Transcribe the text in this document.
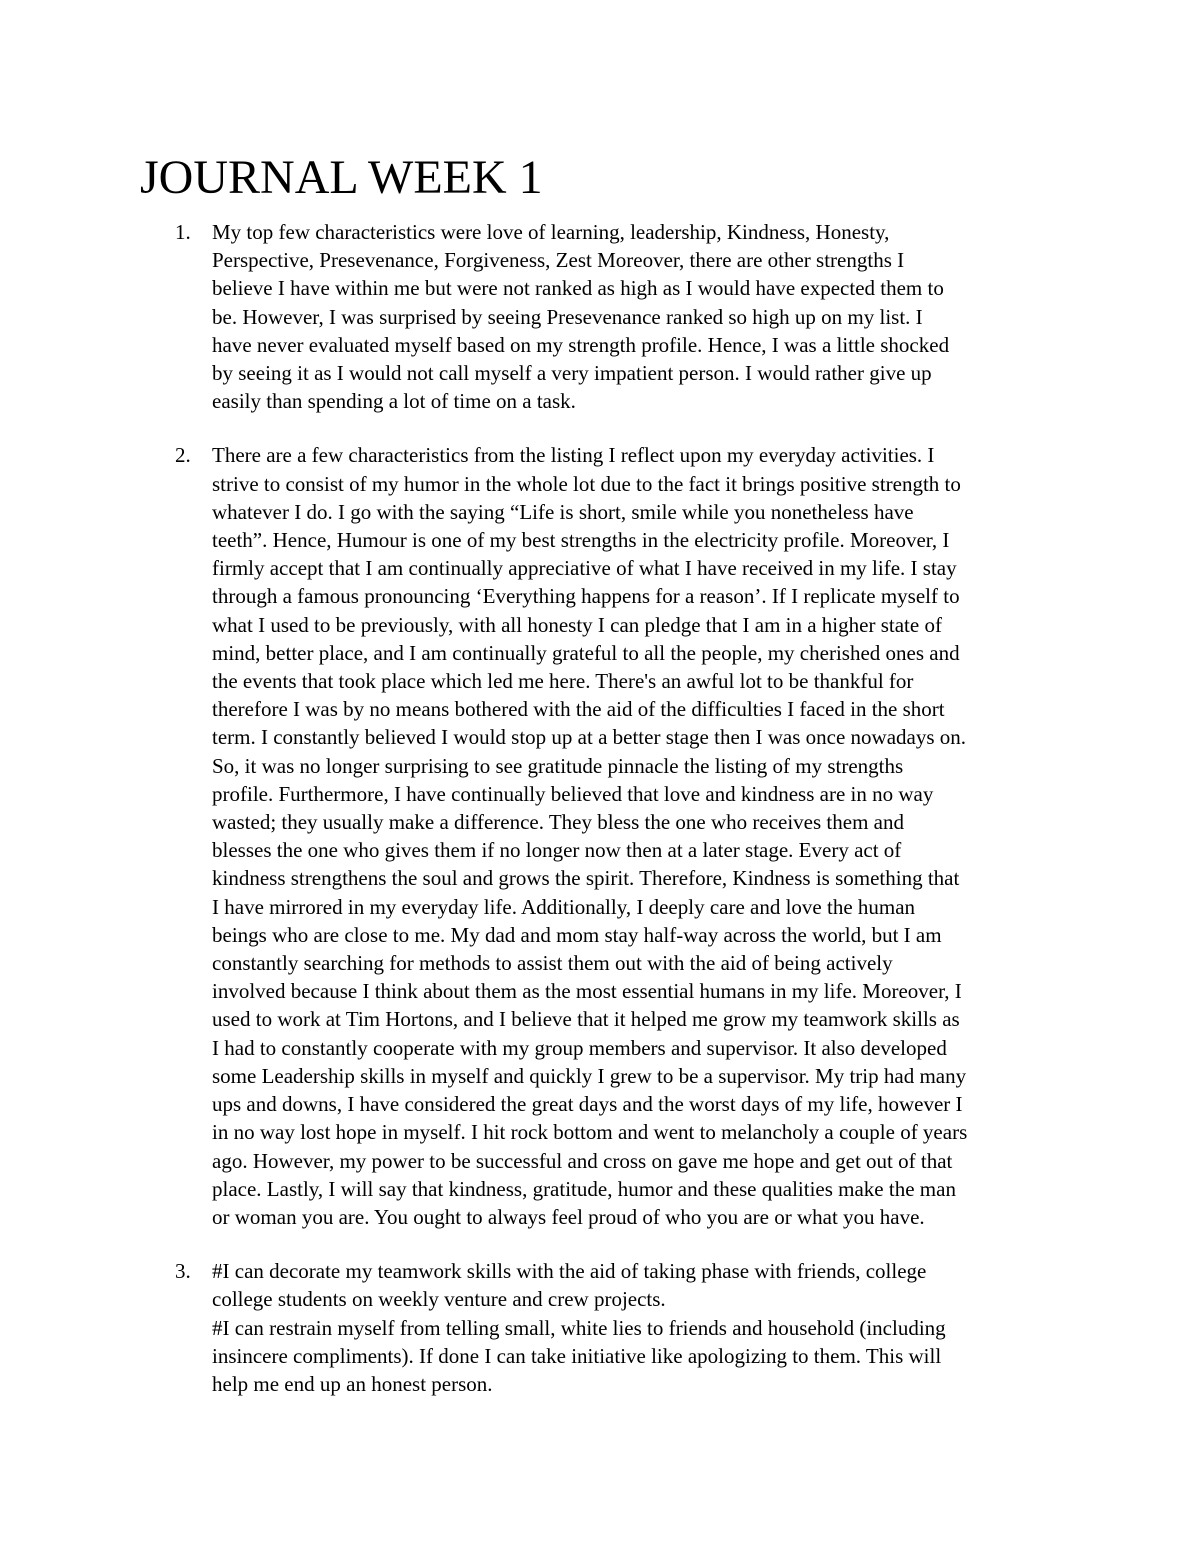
JOURNAL WEEK 1
1. My top few characteristics were love of learning, leadership, Kindness, Honesty,
Perspective, Presevenance, Forgiveness, Zest Moreover, there are other strengths I
believe I have within me but were not ranked as high as I would have expected them to
be. However, I was surprised by seeing Presevenance ranked so high up on my list. I
have never evaluated myself based on my strength profile. Hence, I was a little shocked
by seeing it as I would not call myself a very impatient person. I would rather give up
easily than spending a lot of time on a task.

2. There are a few characteristics from the listing I reflect upon my everyday activities. I
strive to consist of my humor in the whole lot due to the fact it brings positive strength to
whatever I do. I go with the saying “Life is short, smile while you nonetheless have
teeth”. Hence, Humour is one of my best strengths in the electricity profile. Moreover, I
firmly accept that I am continually appreciative of what I have received in my life. I stay
through a famous pronouncing ‘Everything happens for a reason’. If I replicate myself to
what I used to be previously, with all honesty I can pledge that I am in a higher state of
mind, better place, and I am continually grateful to all the people, my cherished ones and
the events that took place which led me here. There's an awful lot to be thankful for
therefore I was by no means bothered with the aid of the difficulties I faced in the short
term. I constantly believed I would stop up at a better stage then I was once nowadays on.
So, it was no longer surprising to see gratitude pinnacle the listing of my strengths
profile. Furthermore, I have continually believed that love and kindness are in no way
wasted; they usually make a difference. They bless the one who receives them and
blesses the one who gives them if no longer now then at a later stage. Every act of
kindness strengthens the soul and grows the spirit. Therefore, Kindness is something that
I have mirrored in my everyday life. Additionally, I deeply care and love the human
beings who are close to me. My dad and mom stay half-way across the world, but I am
constantly searching for methods to assist them out with the aid of being actively
involved because I think about them as the most essential humans in my life. Moreover, I
used to work at Tim Hortons, and I believe that it helped me grow my teamwork skills as
I had to constantly cooperate with my group members and supervisor. It also developed
some Leadership skills in myself and quickly I grew to be a supervisor. My trip had many
ups and downs, I have considered the great days and the worst days of my life, however I
in no way lost hope in myself. I hit rock bottom and went to melancholy a couple of years
ago. However, my power to be successful and cross on gave me hope and get out of that
place. Lastly, I will say that kindness, gratitude, humor and these qualities make the man
or woman you are. You ought to always feel proud of who you are or what you have.

3. #I can decorate my teamwork skills with the aid of taking phase with friends, college
college students on weekly venture and crew projects.
#I can restrain myself from telling small, white lies to friends and household (including
insincere compliments). If done I can take initiative like apologizing to them. This will
help me end up an honest person.
